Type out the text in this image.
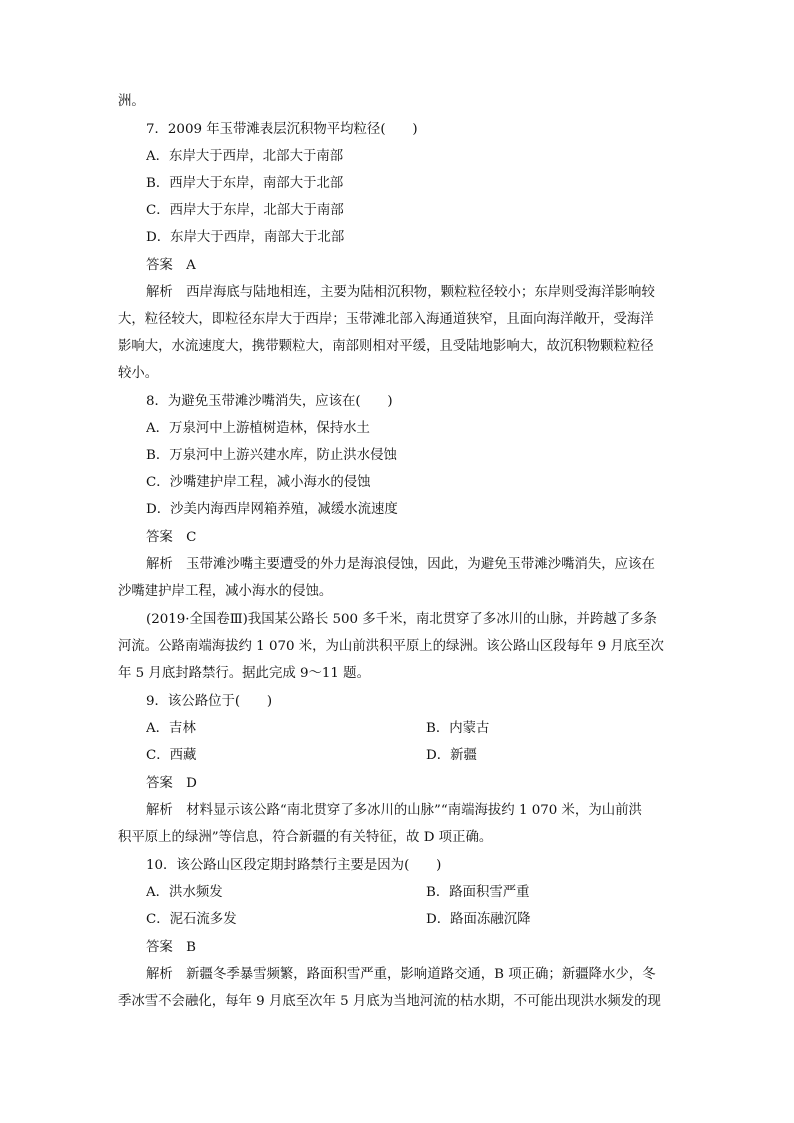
洲。
7．2009 年玉带滩表层沉积物平均粒径(　　)
A．东岸大于西岸，北部大于南部
B．西岸大于东岸，南部大于北部
C．西岸大于东岸，北部大于南部
D．东岸大于西岸，南部大于北部
答案　A
解析　西岸海底与陆地相连，主要为陆相沉积物，颗粒粒径较小；东岸则受海洋影响较
大，粒径较大，即粒径东岸大于西岸；玉带滩北部入海通道狭窄，且面向海洋敞开，受海洋
影响大，水流速度大，携带颗粒大，南部则相对平缓，且受陆地影响大，故沉积物颗粒粒径
较小。
8．为避免玉带滩沙嘴消失，应该在(　　)
A．万泉河中上游植树造林，保持水土
B．万泉河中上游兴建水库，防止洪水侵蚀
C．沙嘴建护岸工程，减小海水的侵蚀
D．沙美内海西岸网箱养殖，减缓水流速度
答案　C
解析　玉带滩沙嘴主要遭受的外力是海浪侵蚀，因此，为避免玉带滩沙嘴消失，应该在
沙嘴建护岸工程，减小海水的侵蚀。
(2019·全国卷Ⅲ)我国某公路长 500 多千米，南北贯穿了多冰川的山脉，并跨越了多条
河流。公路南端海拔约 1 070 米，为山前洪积平原上的绿洲。该公路山区段每年 9 月底至次
年 5 月底封路禁行。据此完成 9～11 题。
9．该公路位于(　　)
A．吉林	B．内蒙古
C．西藏	D．新疆
答案　D
解析　材料显示该公路“南北贯穿了多冰川的山脉”“南端海拔约 1 070 米，为山前洪
积平原上的绿洲”等信息，符合新疆的有关特征，故 D 项正确。
10．该公路山区段定期封路禁行主要是因为(　　)
A．洪水频发	B．路面积雪严重
C．泥石流多发	D．路面冻融沉降
答案　B
解析　新疆冬季暴雪频繁，路面积雪严重，影响道路交通，B 项正确；新疆降水少，冬
季冰雪不会融化，每年 9 月底至次年 5 月底为当地河流的枯水期，不可能出现洪水频发的现
